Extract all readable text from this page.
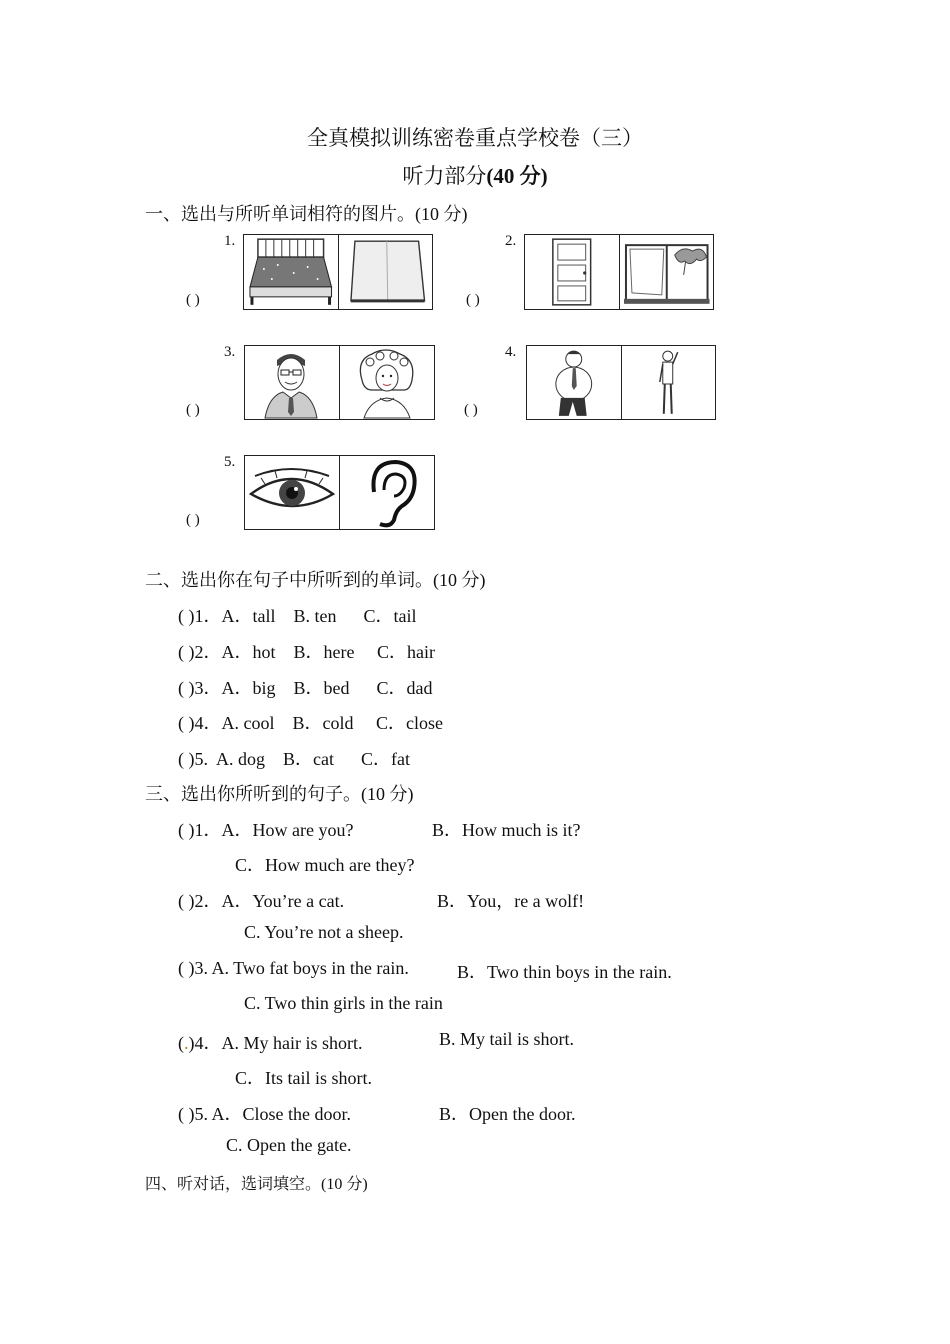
全真模拟训练密卷重点学校卷（三）
听力部分(40 分)
一、选出与所听单词相符的图片。(10 分)
1.
( )
2.
( )
3.
( )
4.
( )
5.
( )
二、选出你在句子中所听到的单词。(10 分)
( )1．A．tall    B. ten      C．tail
( )2．A．hot    B．here     C．hair
( )3．A．big    B．bed      C．dad
( )4．A. cool    B．cold     C．close
( )5.  A. dog    B．cat      C．fat
三、选出你所听到的句子。(10 分)
( )1．A．How are you?	B．How much is it?
C．How much are they?
( )2．A．You’re a cat.	B．You，re a wolf!
C. You’re not a sheep.
( )3. A. Two fat boys in the rain.	B．Two thin boys in the rain.
C. Two thin girls in the rain
(.)4．A. My hair is short.	B. My tail is short.
C．Its tail is short.
( )5. A．Close the door.	B．Open the door.
C. Open the gate.
四、听对话，选词填空。(10 分)
